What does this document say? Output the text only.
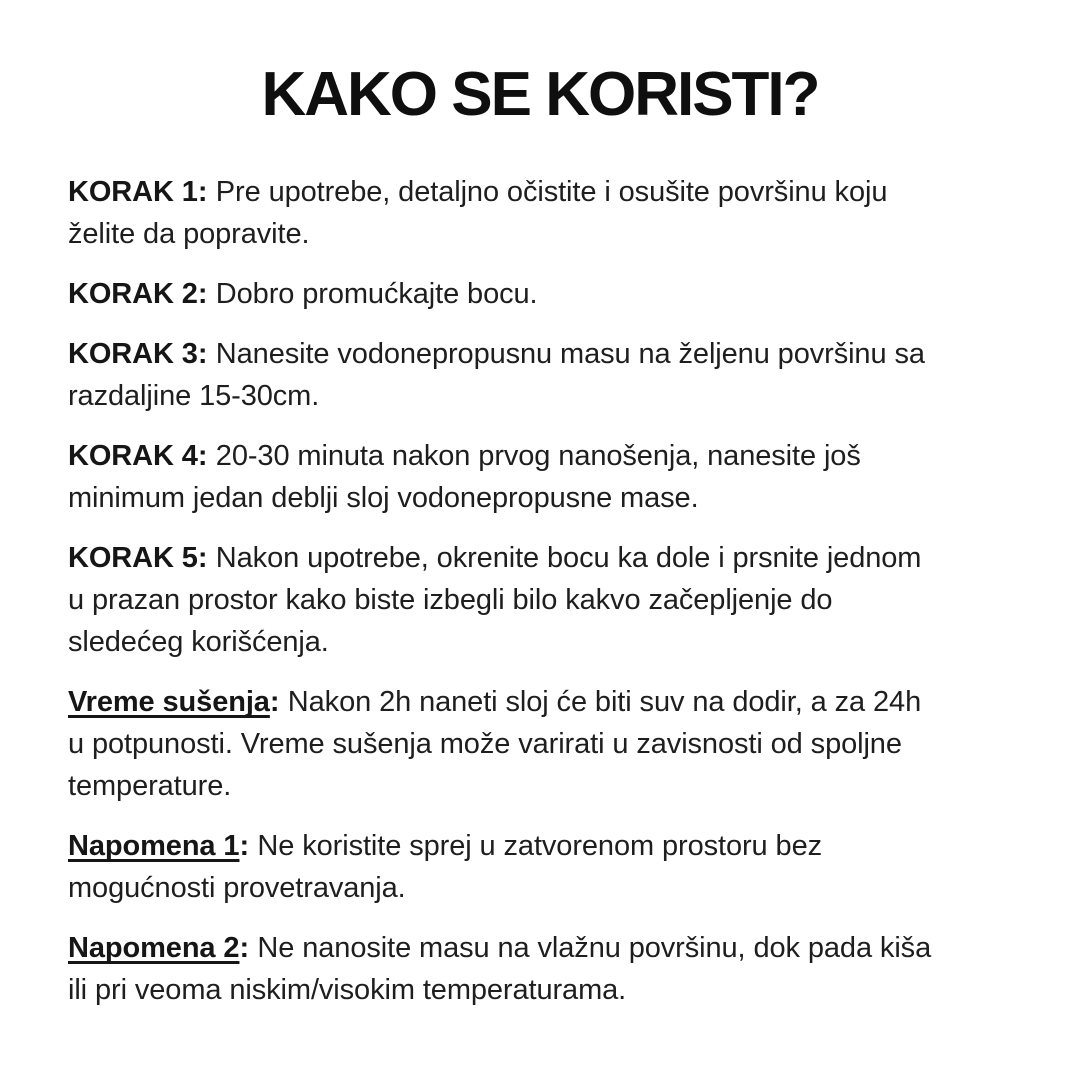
KAKO SE KORISTI?

KORAK 1: Pre upotrebe, detaljno očistite i osušite površinu koju
želite da popravite.

KORAK 2: Dobro promućkajte bocu.

KORAK 3: Nanesite vodonepropusnu masu na željenu površinu sa
razdaljine 15-30cm.

KORAK 4: 20-30 minuta nakon prvog nanošenja, nanesite još
minimum jedan deblji sloj vodonepropusne mase.

KORAK 5: Nakon upotrebe, okrenite bocu ka dole i prsnite jednom
u prazan prostor kako biste izbegli bilo kakvo začepljenje do
sledećeg korišćenja.

Vreme sušenja: Nakon 2h naneti sloj će biti suv na dodir, a za 24h
u potpunosti. Vreme sušenja može varirati u zavisnosti od spoljne
temperature.

Napomena 1: Ne koristite sprej u zatvorenom prostoru bez
mogućnosti provetravanja.

Napomena 2: Ne nanosite masu na vlažnu površinu, dok pada kiša
ili pri veoma niskim/visokim temperaturama.
